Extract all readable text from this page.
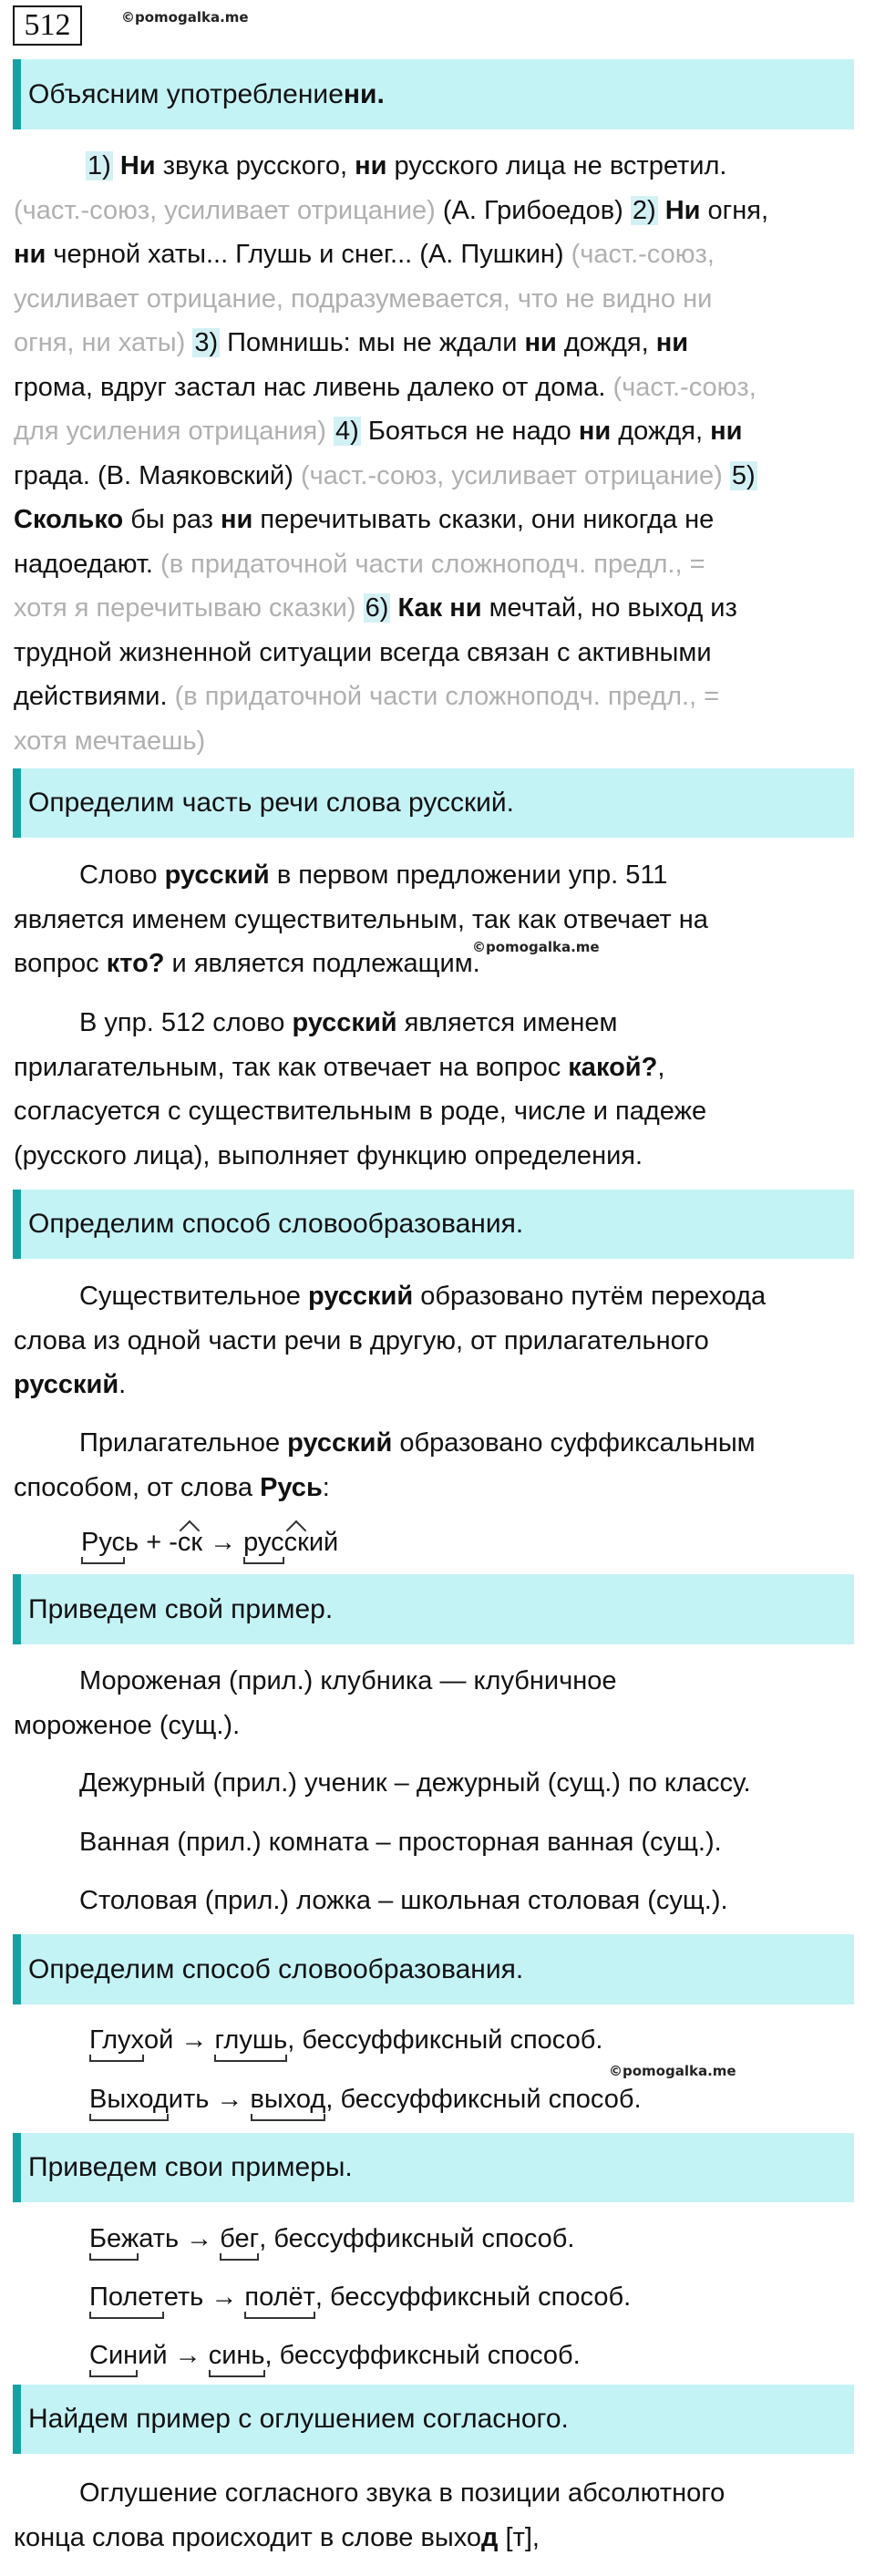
512	©pomogalka.me
©pomogalka.me
©pomogalka.me
Объясним употребление ни.
1) Ни звука русского, ни русского лица не встретил.
(част.-союз, усиливает отрицание) (А. Грибоедов) 2) Ни огня,
ни черной хаты... Глушь и снег... (А. Пушкин) (част.-союз,
усиливает отрицание, подразумевается, что не видно ни
огня, ни хаты) 3) Помнишь: мы не ждали ни дождя, ни
грома, вдруг застал нас ливень далеко от дома. (част.-союз,
для усиления отрицания) 4) Бояться не надо ни дождя, ни
града. (В. Маяковский) (част.-союз, усиливает отрицание) 5)
Сколько бы раз ни перечитывать сказки, они никогда не
надоедают. (в придаточной части сложноподч. предл., =
хотя я перечитываю сказки) 6) Как ни мечтай, но выход из
трудной жизненной ситуации всегда связан с активными
действиями. (в придаточной части сложноподч. предл., =
хотя мечтаешь)
Определим часть речи слова русский.
Слово русский в первом предложении упр. 511
является именем существительным, так как отвечает на
вопрос кто? и является подлежащим.
В упр. 512 слово русский является именем
прилагательным, так как отвечает на вопрос какой?,
согласуется с существительным в роде, числе и падеже
(русского лица), выполняет функцию определения.
Определим способ словообразования.
Существительное русский образовано путём перехода
слова из одной части речи в другую, от прилагательного
русский.
Прилагательное русский образовано суффиксальным
способом, от слова Русь:
Русь + -ск → русский
Приведем свой пример.
Мороженая (прил.) клубника — клубничное
мороженое (сущ.).
Дежурный (прил.) ученик – дежурный (сущ.) по классу.
Ванная (прил.) комната – просторная ванная (сущ.).
Столовая (прил.) ложка – школьная столовая (сущ.).
Определим способ словообразования.
Глухой → глушь, бессуффиксный способ.
Выходить → выход, бессуффиксный способ.
Приведем свои примеры.
Бежать → бег, бессуффиксный способ.
Полететь → полёт, бессуффиксный способ.
Синий → синь, бессуффиксный способ.
Найдем пример с оглушением согласного.
Оглушение согласного звука в позиции абсолютного
конца слова происходит в слове выход [т],
